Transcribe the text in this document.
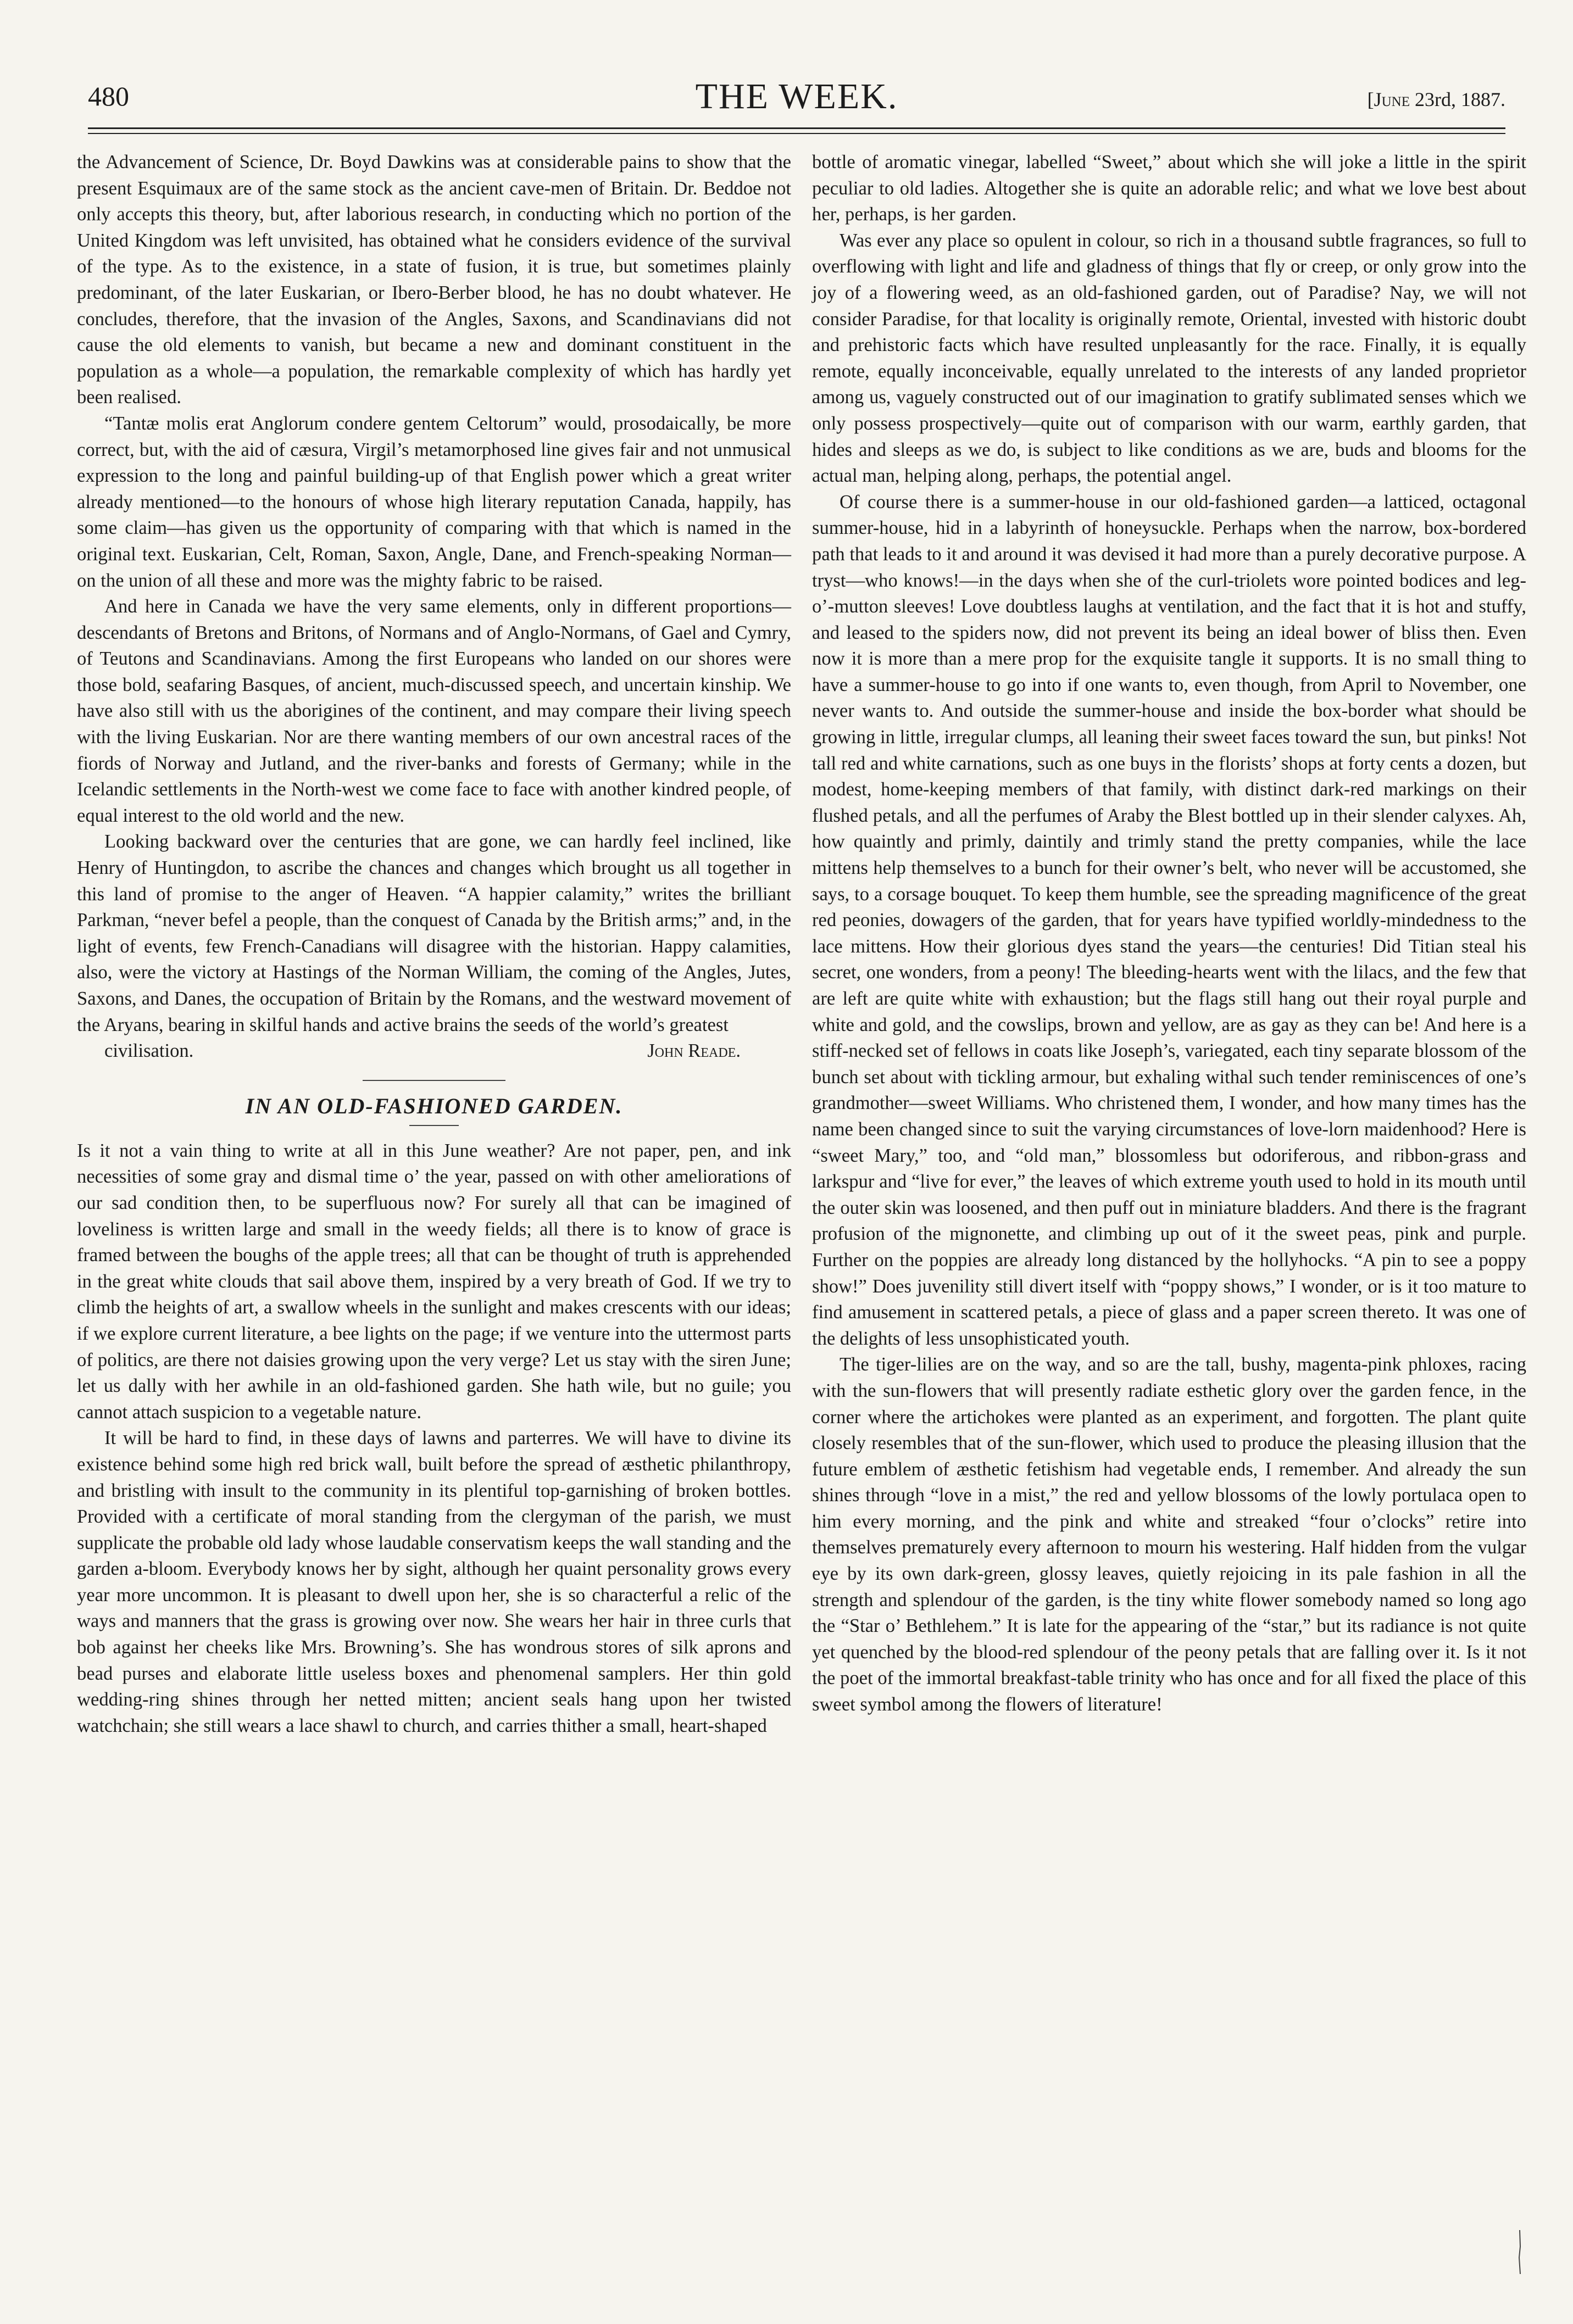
480	THE WEEK.	[June 23rd, 1887.

the Advancement of Science, Dr. Boyd Dawkins was at considerable pains to show that the present Esquimaux are of the same stock as the ancient cave-men of Britain. Dr. Beddoe not only accepts this theory, but, after laborious research, in conducting which no portion of the United Kingdom was left unvisited, has obtained what he considers evidence of the survival of the type. As to the existence, in a state of fusion, it is true, but sometimes plainly predominant, of the later Euskarian, or Ibero-Berber blood, he has no doubt whatever. He concludes, therefore, that the invasion of the Angles, Saxons, and Scandinavians did not cause the old elements to vanish, but became a new and dominant constituent in the population as a whole—a population, the remarkable complexity of which has hardly yet been realised.

“Tantæ molis erat Anglorum condere gentem Celtorum” would, prosodaically, be more correct, but, with the aid of cæsura, Virgil’s metamorphosed line gives fair and not unmusical expression to the long and painful building-up of that English power which a great writer already mentioned—to the honours of whose high literary reputation Canada, happily, has some claim—has given us the opportunity of comparing with that which is named in the original text. Euskarian, Celt, Roman, Saxon, Angle, Dane, and French-speaking Norman—on the union of all these and more was the mighty fabric to be raised.

And here in Canada we have the very same elements, only in different proportions—descendants of Bretons and Britons, of Normans and of Anglo-Normans, of Gael and Cymry, of Teutons and Scandinavians. Among the first Europeans who landed on our shores were those bold, seafaring Basques, of ancient, much-discussed speech, and uncertain kinship. We have also still with us the aborigines of the continent, and may compare their living speech with the living Euskarian. Nor are there wanting members of our own ancestral races of the fiords of Norway and Jutland, and the river-banks and forests of Germany; while in the Icelandic settlements in the North-west we come face to face with another kindred people, of equal interest to the old world and the new.

Looking backward over the centuries that are gone, we can hardly feel inclined, like Henry of Huntingdon, to ascribe the chances and changes which brought us all together in this land of promise to the anger of Heaven. “A happier calamity,” writes the brilliant Parkman, “never befel a people, than the conquest of Canada by the British arms;” and, in the light of events, few French-Canadians will disagree with the historian. Happy calamities, also, were the victory at Hastings of the Norman William, the coming of the Angles, Jutes, Saxons, and Danes, the occupation of Britain by the Romans, and the westward movement of the Aryans, bearing in skilful hands and active brains the seeds of the world’s greatest

civilisation.	John Reade.

IN AN OLD-FASHIONED GARDEN.

Is it not a vain thing to write at all in this June weather? Are not paper, pen, and ink necessities of some gray and dismal time o’ the year, passed on with other ameliorations of our sad condition then, to be superfluous now? For surely all that can be imagined of loveliness is written large and small in the weedy fields; all there is to know of grace is framed between the boughs of the apple trees; all that can be thought of truth is apprehended in the great white clouds that sail above them, inspired by a very breath of God. If we try to climb the heights of art, a swallow wheels in the sunlight and makes crescents with our ideas; if we explore current literature, a bee lights on the page; if we venture into the uttermost parts of politics, are there not daisies growing upon the very verge? Let us stay with the siren June; let us dally with her awhile in an old-fashioned garden. She hath wile, but no guile; you cannot attach suspicion to a vegetable nature.

It will be hard to find, in these days of lawns and parterres. We will have to divine its existence behind some high red brick wall, built before the spread of æsthetic philanthropy, and bristling with insult to the community in its plentiful top-garnishing of broken bottles. Provided with a certificate of moral standing from the clergyman of the parish, we must supplicate the probable old lady whose laudable conservatism keeps the wall standing and the garden a-bloom. Everybody knows her by sight, although her quaint personality grows every year more uncommon. It is pleasant to dwell upon her, she is so characterful a relic of the ways and manners that the grass is growing over now. She wears her hair in three curls that bob against her cheeks like Mrs. Browning’s. She has wondrous stores of silk aprons and bead purses and elaborate little useless boxes and phenomenal samplers. Her thin gold wedding-ring shines through her netted mitten; ancient seals hang upon her twisted watchchain; she still wears a lace shawl to church, and carries thither a small, heart-shaped

bottle of aromatic vinegar, labelled “Sweet,” about which she will joke a little in the spirit peculiar to old ladies. Altogether she is quite an adorable relic; and what we love best about her, perhaps, is her garden.

Was ever any place so opulent in colour, so rich in a thousand subtle fragrances, so full to overflowing with light and life and gladness of things that fly or creep, or only grow into the joy of a flowering weed, as an old-fashioned garden, out of Paradise? Nay, we will not consider Paradise, for that locality is originally remote, Oriental, invested with historic doubt and prehistoric facts which have resulted unpleasantly for the race. Finally, it is equally remote, equally inconceivable, equally unrelated to the interests of any landed proprietor among us, vaguely constructed out of our imagination to gratify sublimated senses which we only possess prospectively—quite out of comparison with our warm, earthly garden, that hides and sleeps as we do, is subject to like conditions as we are, buds and blooms for the actual man, helping along, perhaps, the potential angel.

Of course there is a summer-house in our old-fashioned garden—a latticed, octagonal summer-house, hid in a labyrinth of honeysuckle. Perhaps when the narrow, box-bordered path that leads to it and around it was devised it had more than a purely decorative purpose. A tryst—who knows!—in the days when she of the curl-triolets wore pointed bodices and leg-o’-mutton sleeves! Love doubtless laughs at ventilation, and the fact that it is hot and stuffy, and leased to the spiders now, did not prevent its being an ideal bower of bliss then. Even now it is more than a mere prop for the exquisite tangle it supports. It is no small thing to have a summer-house to go into if one wants to, even though, from April to November, one never wants to. And outside the summer-house and inside the box-border what should be growing in little, irregular clumps, all leaning their sweet faces toward the sun, but pinks! Not tall red and white carnations, such as one buys in the florists’ shops at forty cents a dozen, but modest, home-keeping members of that family, with distinct dark-red markings on their flushed petals, and all the perfumes of Araby the Blest bottled up in their slender calyxes. Ah, how quaintly and primly, daintily and trimly stand the pretty companies, while the lace mittens help themselves to a bunch for their owner’s belt, who never will be accustomed, she says, to a corsage bouquet. To keep them humble, see the spreading magnificence of the great red peonies, dowagers of the garden, that for years have typified worldly-mindedness to the lace mittens. How their glorious dyes stand the years—the centuries! Did Titian steal his secret, one wonders, from a peony! The bleeding-hearts went with the lilacs, and the few that are left are quite white with exhaustion; but the flags still hang out their royal purple and white and gold, and the cowslips, brown and yellow, are as gay as they can be! And here is a stiff-necked set of fellows in coats like Joseph’s, variegated, each tiny separate blossom of the bunch set about with tickling armour, but exhaling withal such tender reminiscences of one’s grandmother—sweet Williams. Who christened them, I wonder, and how many times has the name been changed since to suit the varying circumstances of love-lorn maidenhood? Here is “sweet Mary,” too, and “old man,” blossomless but odoriferous, and ribbon-grass and larkspur and “live for ever,” the leaves of which extreme youth used to hold in its mouth until the outer skin was loosened, and then puff out in miniature bladders. And there is the fragrant profusion of the mignonette, and climbing up out of it the sweet peas, pink and purple. Further on the poppies are already long distanced by the hollyhocks. “A pin to see a poppy show!” Does juvenility still divert itself with “poppy shows,” I wonder, or is it too mature to find amusement in scattered petals, a piece of glass and a paper screen thereto. It was one of the delights of less unsophisticated youth.

The tiger-lilies are on the way, and so are the tall, bushy, magenta-pink phloxes, racing with the sun-flowers that will presently radiate esthetic glory over the garden fence, in the corner where the artichokes were planted as an experiment, and forgotten. The plant quite closely resembles that of the sun-flower, which used to produce the pleasing illusion that the future emblem of æsthetic fetishism had vegetable ends, I remember. And already the sun shines through “love in a mist,” the red and yellow blossoms of the lowly portulaca open to him every morning, and the pink and white and streaked “four o’clocks” retire into themselves prematurely every afternoon to mourn his westering. Half hidden from the vulgar eye by its own dark-green, glossy leaves, quietly rejoicing in its pale fashion in all the strength and splendour of the garden, is the tiny white flower somebody named so long ago the “Star o’ Bethlehem.” It is late for the appearing of the “star,” but its radiance is not quite yet quenched by the blood-red splendour of the peony petals that are falling over it. Is it not the poet of the immortal breakfast-table trinity who has once and for all fixed the place of this sweet symbol among the flowers of literature!
